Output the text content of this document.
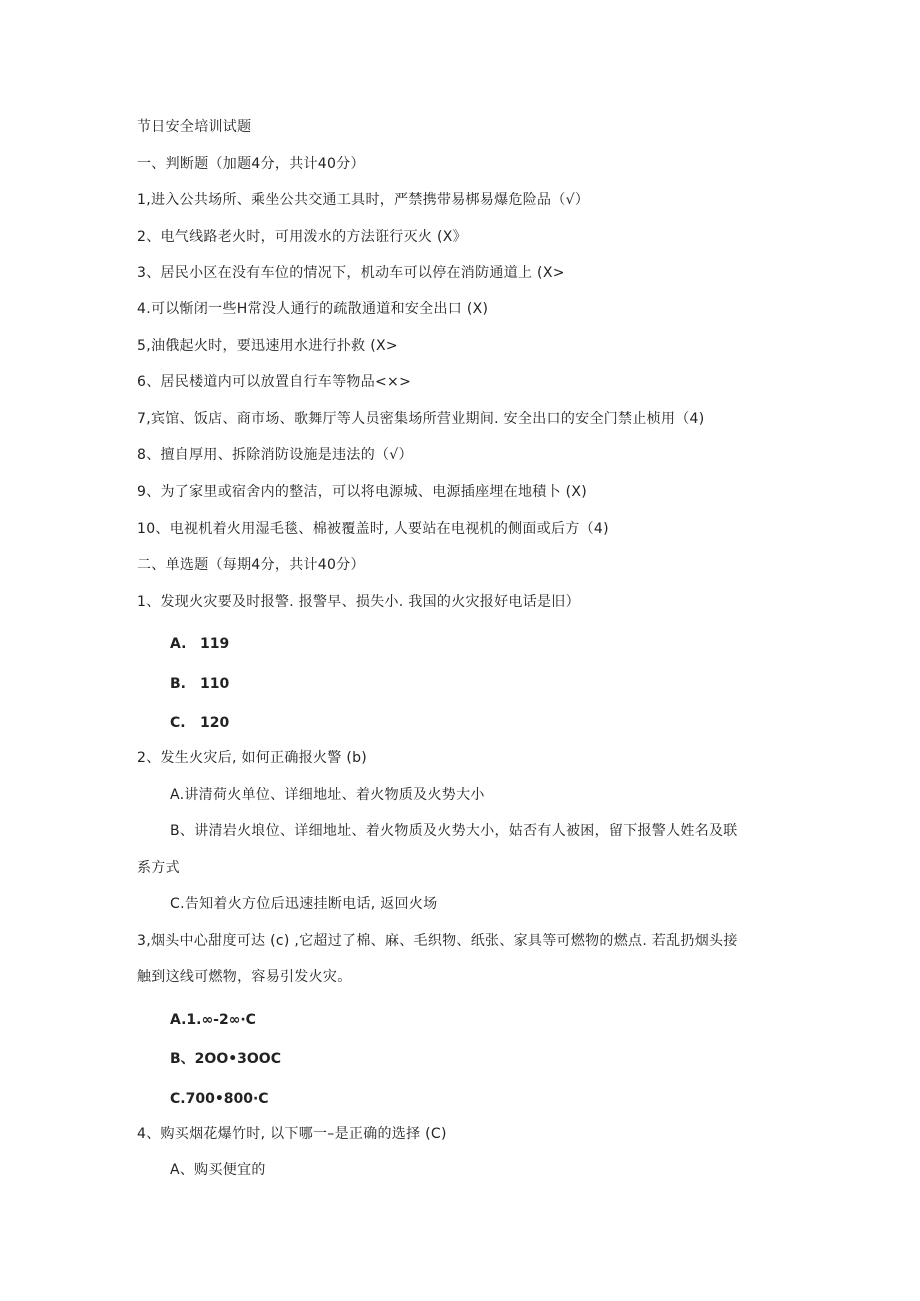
节日安全培训试题
一、判断题（加题4分，共计40分）
1,进入公共场所、乘坐公共交通工具时，严禁携带易梆易爆危险品（√）
2、电气线路老火时，可用泼水的方法诳行灭火 (X》
3、居民小区在没有车位的情况下，机动车可以停在消防通道上 (X>
4.可以惭闭一些H常没人通行的疏散通道和安全出口 (X)
5,油俄起火时，要迅速用水进行扑救 (X>
6、居民楼道内可以放置自行车等物品<×>
7,宾馆、饭店、商市场、歌舞厅等人员密集场所营业期间. 安全出口的安全门禁止桢用（4)
8、擅自厚用、拆除消防设施是违法的（√）
9、为了家里或宿舍内的整洁，可以将电源城、电源插座埋在地積卜 (X)
10、电视机着火用湿毛毯、棉被覆盖时, 人要站在电视机的侧面或后方（4)
二、单选题（每期4分，共计40分）
1、发现火灾要及时报警. 报警早、损失小. 我国的火灾报好电话是旧）
A. 119
B. 110
C. 120
2、发生火灾后, 如何正确报火警 (b)
A.讲清荷火单位、详细地址、着火物质及火势大小
B、讲清岩火埌位、详细地址、着火物质及火势大小，姑否有人被困，留下报警人姓名及联
系方式
C.告知着火方位后迅速挂断电话, 返回火场
3,烟头中心甜度可达 (c) ,它超过了棉、麻、毛织物、纸张、家具等可燃物的燃点. 若乱扔烟头接
触到这线可燃物，容易引发火灾。
A.1.∞-2∞·C
B、2OO•3OOC
C.700•800·C
4、购买烟花爆竹时, 以下哪一–是正确的选择 (C)
A、购买便宜的
